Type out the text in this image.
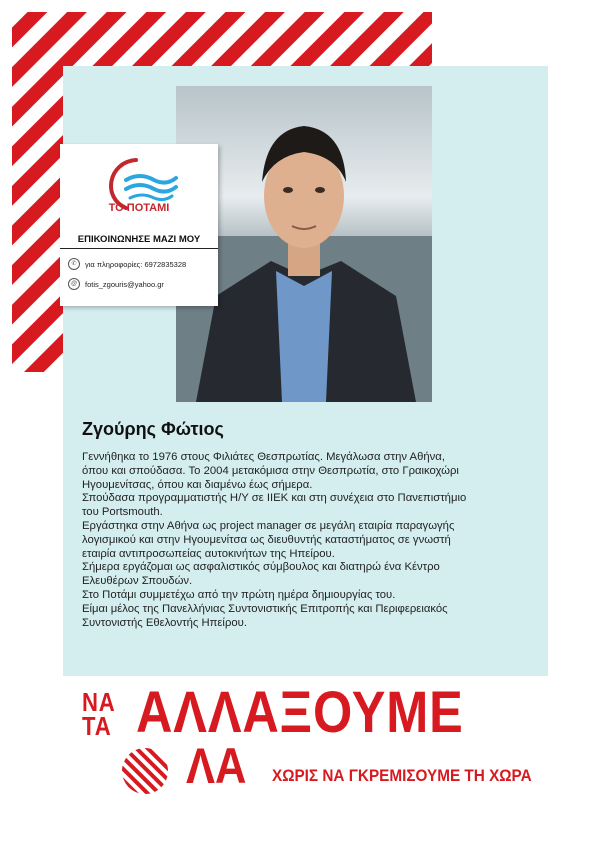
ΤΟ ΠΟΤΑΜΙ
ΕΠΙΚΟΙΝΩΝΗΣΕ ΜΑΖΙ ΜΟΥ
✆	για πληροφορίες: 6972835328
@	fotis_zgouris@yahoo.gr
Ζγούρης Φώτιος
Γεννήθηκα το 1976 στους Φιλιάτες Θεσπρωτίας. Μεγάλωσα στην Αθήνα,
όπου και σπούδασα. Το 2004 μετακόμισα στην Θεσπρωτία, στο Γραικοχώρι
Ηγουμενίτσας, όπου και διαμένω έως σήμερα.
Σπούδασα προγραμματιστής Η/Υ σε ΙΙΕΚ και στη συνέχεια στο Πανεπιστήμιο
του Portsmouth.
Εργάστηκα στην Αθήνα ως project manager σε μεγάλη εταιρία παραγωγής
λογισμικού και στην Ηγουμενίτσα ως διευθυντής καταστήματος σε γνωστή
εταιρία αντιπροσωπείας αυτοκινήτων της Ηπείρου.
Σήμερα εργάζομαι ως ασφαλιστικός σύμβουλος και διατηρώ ένα Κέντρο
Ελευθέρων Σπουδών.
Στο Ποτάμι συμμετέχω από την πρώτη ημέρα δημιουργίας του.
Είμαι μέλος της Πανελλήνιας Συντονιστικής Επιτροπής και Περιφερειακός
Συντονιστής Εθελοντής Ηπείρου.
ΝΑ
ΤΑ ΑΛΛΑΞΟΥΜΕ
ΛΑ ΧΩΡΙΣ ΝΑ ΓΚΡΕΜΙΣΟΥΜΕ ΤΗ ΧΩΡΑ
